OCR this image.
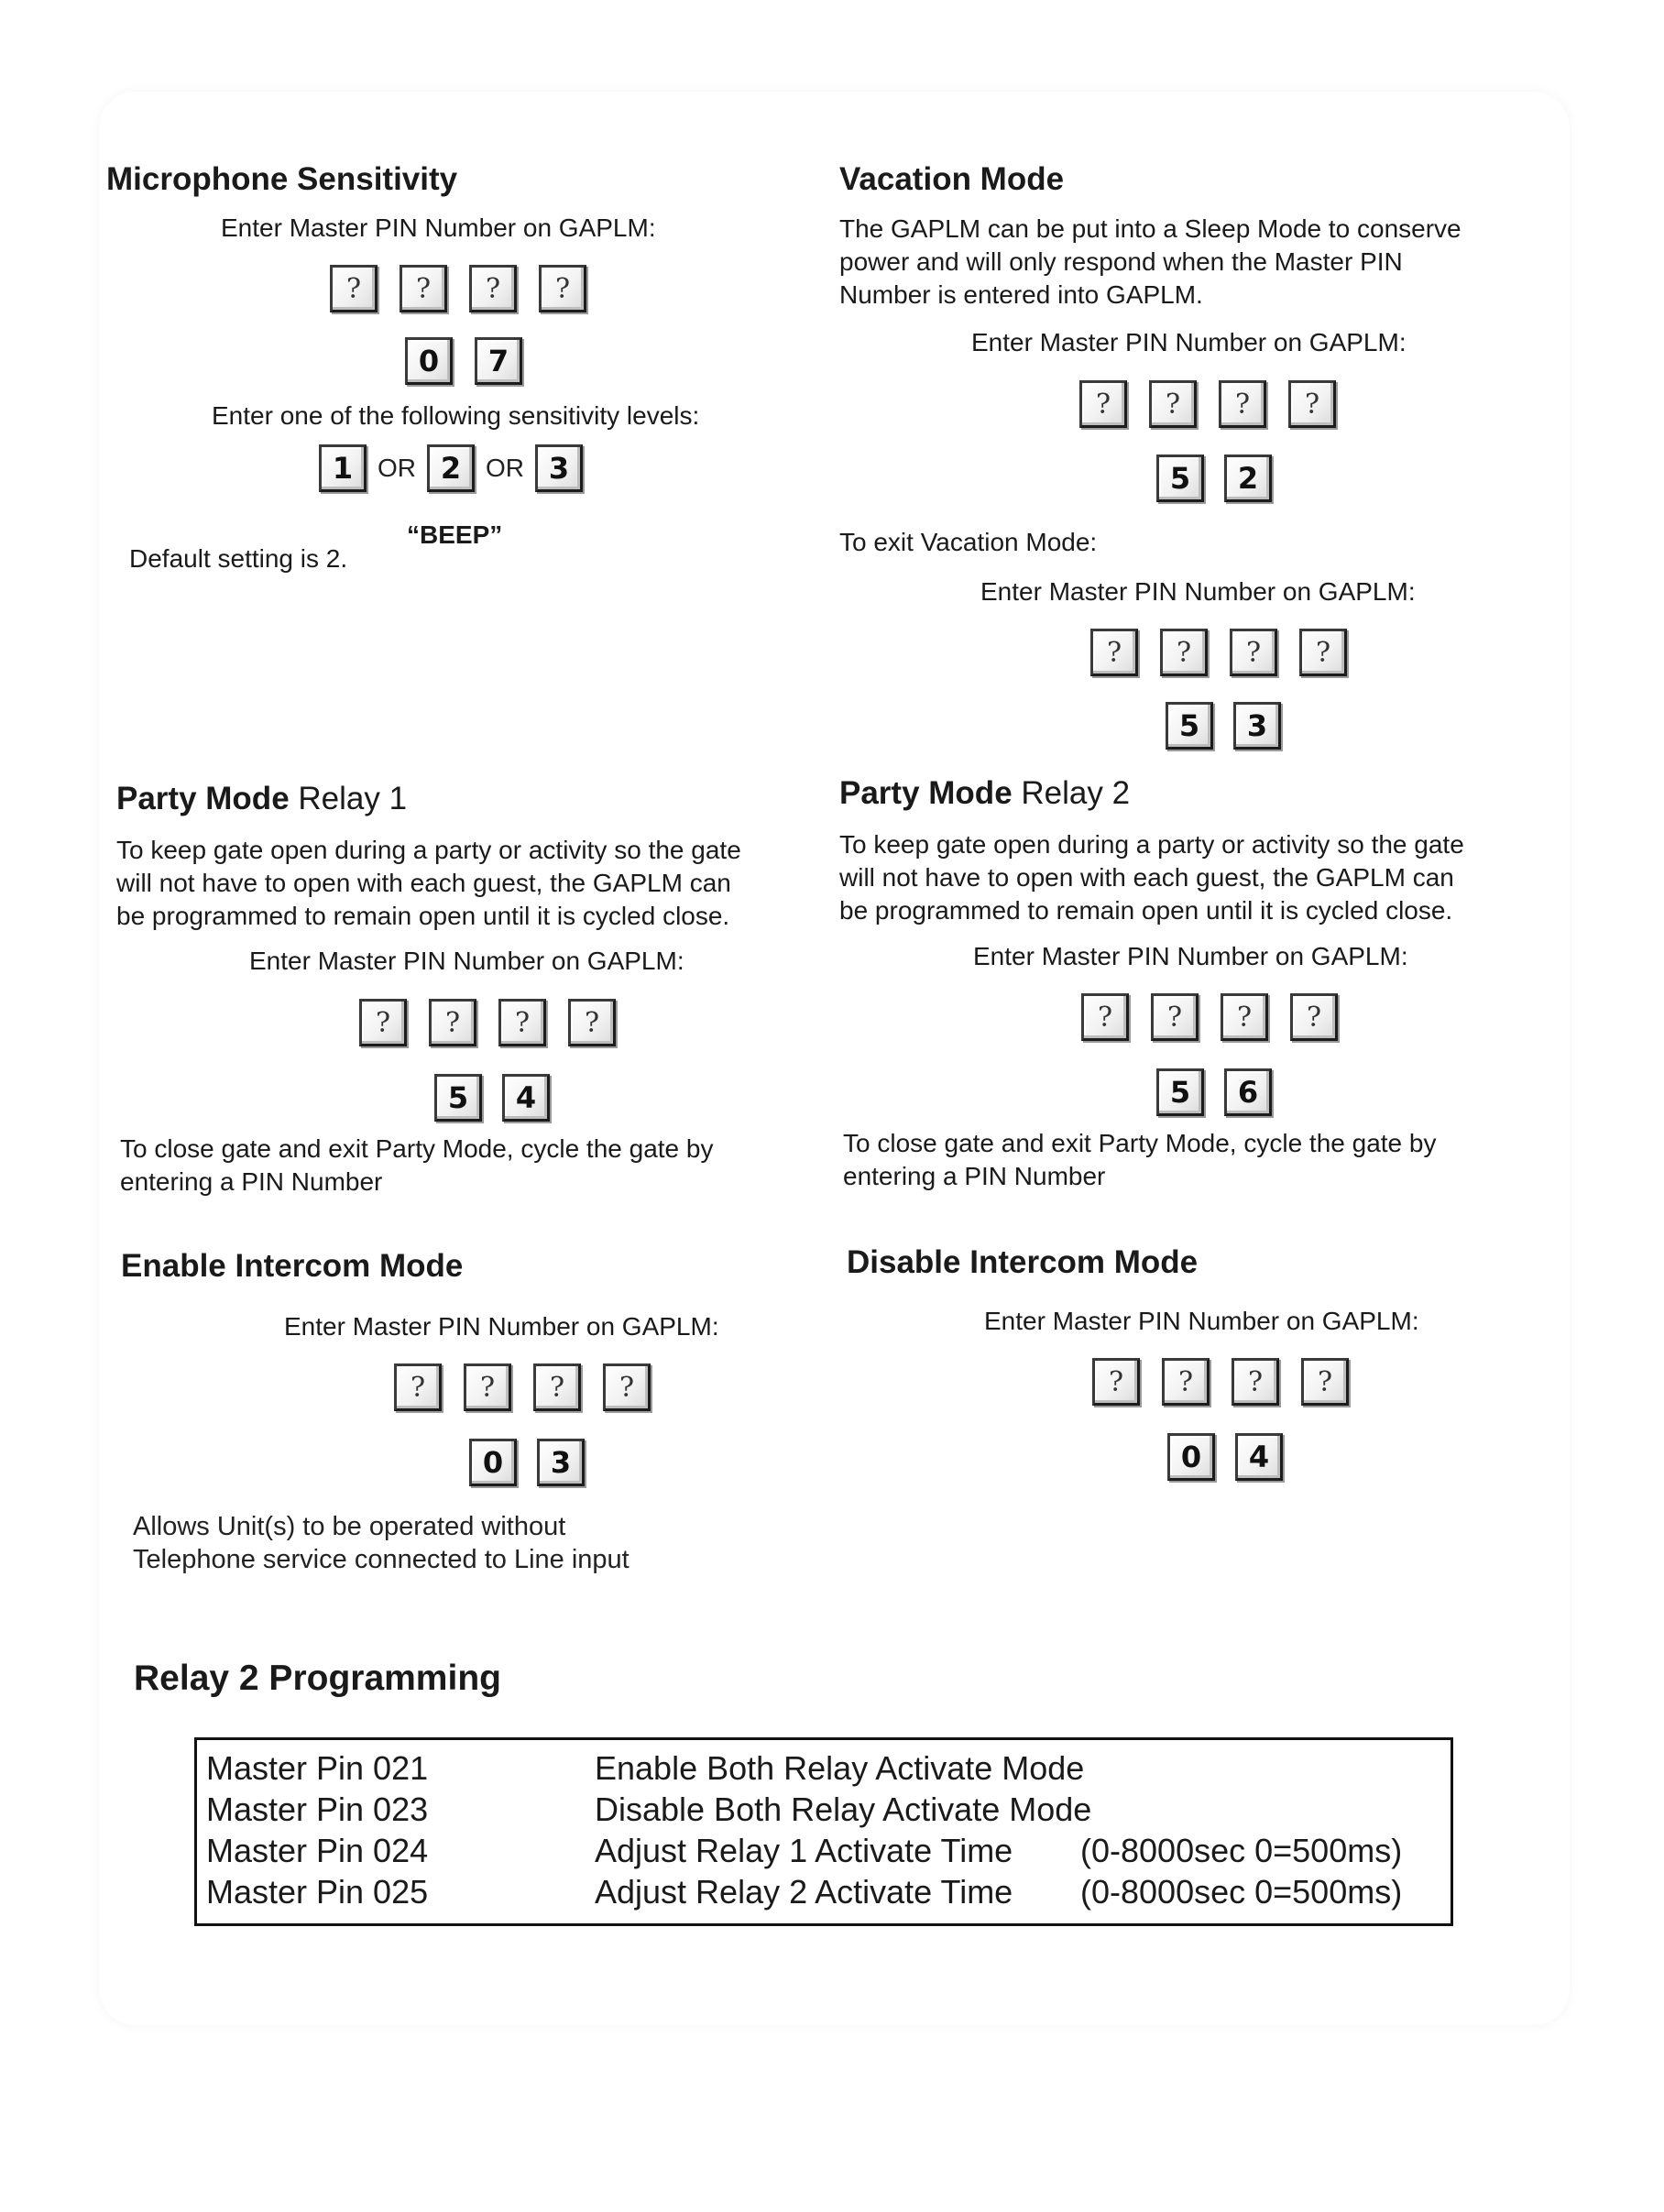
Microphone Sensitivity
Enter Master PIN Number on GAPLM:
?	?	?	?
0	7
Enter one of the following sensitivity levels:
1 OR 2 OR 3
“BEEP”
Default setting is 2.
Vacation Mode
The GAPLM can be put into a Sleep Mode to conserve
power and will only respond when the Master PIN
Number is entered into GAPLM.
Enter Master PIN Number on GAPLM:
?	?	?	?
5	2
To exit Vacation Mode:
Enter Master PIN Number on GAPLM:
?	?	?	?
5	3
Party Mode Relay 1
To keep gate open during a party or activity so the gate
will not have to open with each guest, the GAPLM can
be programmed to remain open until it is cycled close.
Enter Master PIN Number on GAPLM:
?	?	?	?
5	4
To close gate and exit Party Mode, cycle the gate by
entering a PIN Number
Party Mode Relay 2
To keep gate open during a party or activity so the gate
will not have to open with each guest, the GAPLM can
be programmed to remain open until it is cycled close.
Enter Master PIN Number on GAPLM:
?	?	?	?
5	6
To close gate and exit Party Mode, cycle the gate by
entering a PIN Number
Enable Intercom Mode
Enter Master PIN Number on GAPLM:
?	?	?	?
0	3
Allows Unit(s) to be operated without
Telephone service connected to Line input
Disable Intercom Mode
Enter Master PIN Number on GAPLM:
?	?	?	?
0	4
Relay 2 Programming
Master Pin 021	Enable Both Relay Activate Mode
Master Pin 023	Disable Both Relay Activate Mode
Master Pin 024	Adjust Relay 1 Activate Time	(0-8000sec 0=500ms)
Master Pin 025	Adjust Relay 2 Activate Time	(0-8000sec 0=500ms)
